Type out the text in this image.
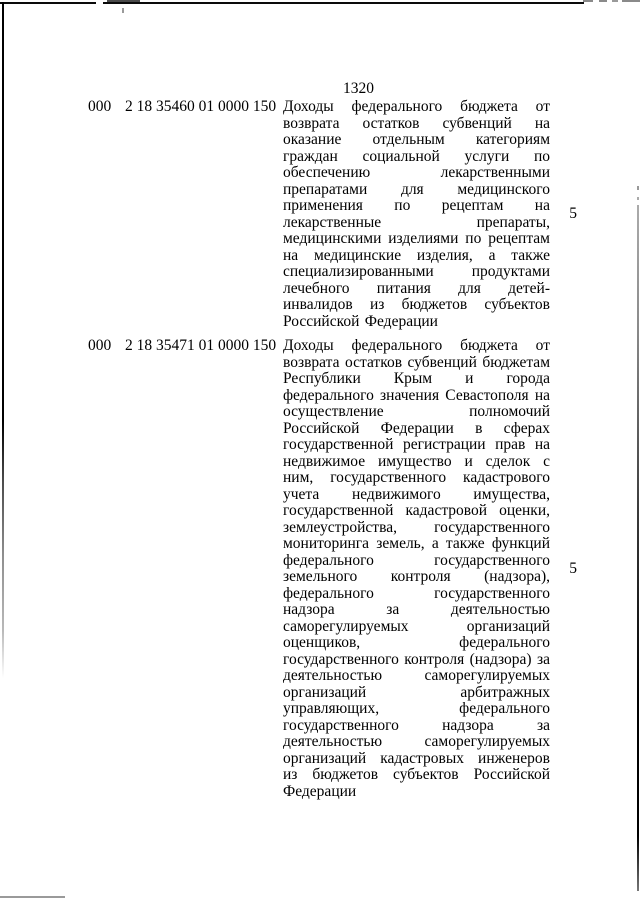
1320
000 2 18 35460 01 0000 150 Доходы федерального бюджета от возврата остатков субвенций на оказание отдельным категориям граждан социальной услуги по обеспечению лекарственными препаратами для медицинского применения по рецептам на лекарственные препараты, медицинскими изделиями по рецептам на медицинские изделия, а также специализированными продуктами лечебного питания для детей-инвалидов из бюджетов субъектов Российской Федерации
5
000 2 18 35471 01 0000 150 Доходы федерального бюджета от возврата остатков субвенций бюджетам Республики Крым и города федерального значения Севастополя на осуществление полномочий Российской Федерации в сферах государственной регистрации прав на недвижимое имущество и сделок с ним, государственного кадастрового учета недвижимого имущества, государственной кадастровой оценки, землеустройства, государственного мониторинга земель, а также функций федерального государственного земельного контроля (надзора), федерального государственного надзора за деятельностью саморегулируемых организаций оценщиков, федерального государственного контроля (надзора) за деятельностью саморегулируемых организаций арбитражных управляющих, федерального государственного надзора за деятельностью саморегулируемых организаций кадастровых инженеров из бюджетов субъектов Российской Федерации
5
